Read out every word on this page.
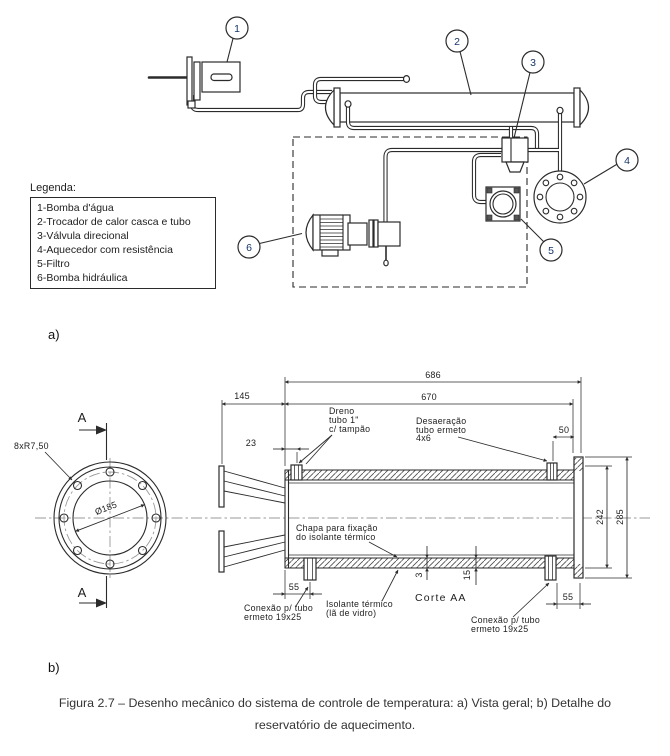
1
2
3
4
5
6
A
A
8xR7,50
Ø185
686
670
145
23
50
242 285
55
55
3	15
Dreno
tubo 1"
c/ tampão
Desaeração
tubo ermeto
4x6
Chapa para fixação
do isolante térmico
Isolante térmico
(lã de vidro)
Conexão p/ tubo
ermeto 19x25	Conexão p/ tubo
ermeto 19x25
Corte AA
Legenda:
1-Bomba d'água
2-Trocador de calor casca e tubo
3-Válvula direcional
4-Aquecedor com resistência
5-Filtro
6-Bomba hidráulica
a)
b)
Figura 2.7 – Desenho mecânico do sistema de controle de temperatura: a) Vista geral; b) Detalhe do
reservatório de aquecimento.
